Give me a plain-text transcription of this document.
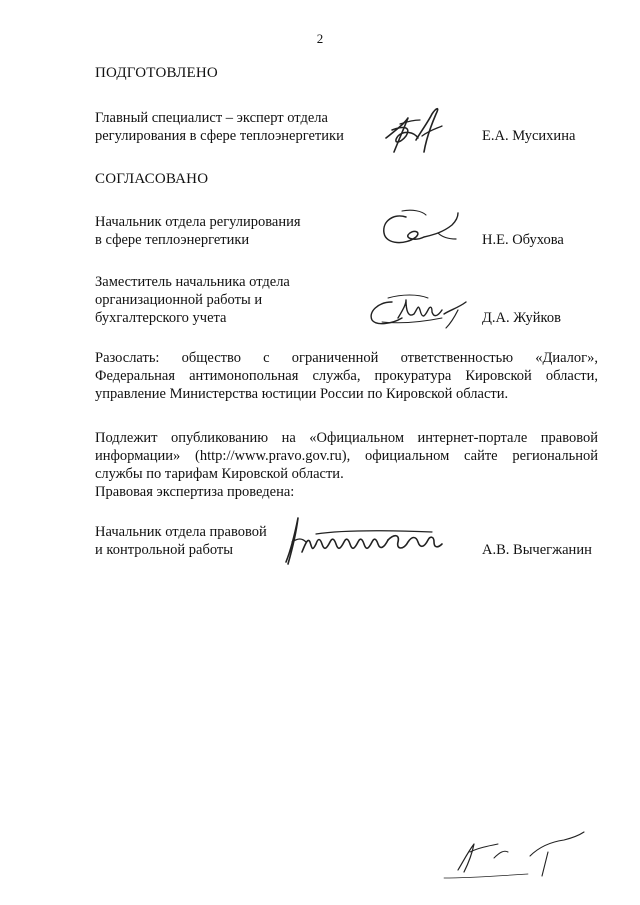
2
ПОДГОТОВЛЕНО
Главный специалист – эксперт отдела
регулирования в сфере теплоэнергетики	Е.А. Мусихина
СОГЛАСОВАНО
Начальник отдела регулирования
в сфере теплоэнергетики	Н.Е. Обухова
Заместитель начальника отдела
организационной работы и
бухгалтерского учета	Д.А. Жуйков
Разослать: общество с ограниченной ответственностью «Диалог»,
Федеральная антимонопольная служба, прокуратура Кировской области,
управление Министерства юстиции России по Кировской области.
Подлежит опубликованию на «Официальном интернет-портале правовой
информации» (http://www.pravo.gov.ru), официальном сайте региональной
службы по тарифам Кировской области.
Правовая экспертиза проведена:
Начальник отдела правовой
и контрольной работы	А.В. Вычегжанин
